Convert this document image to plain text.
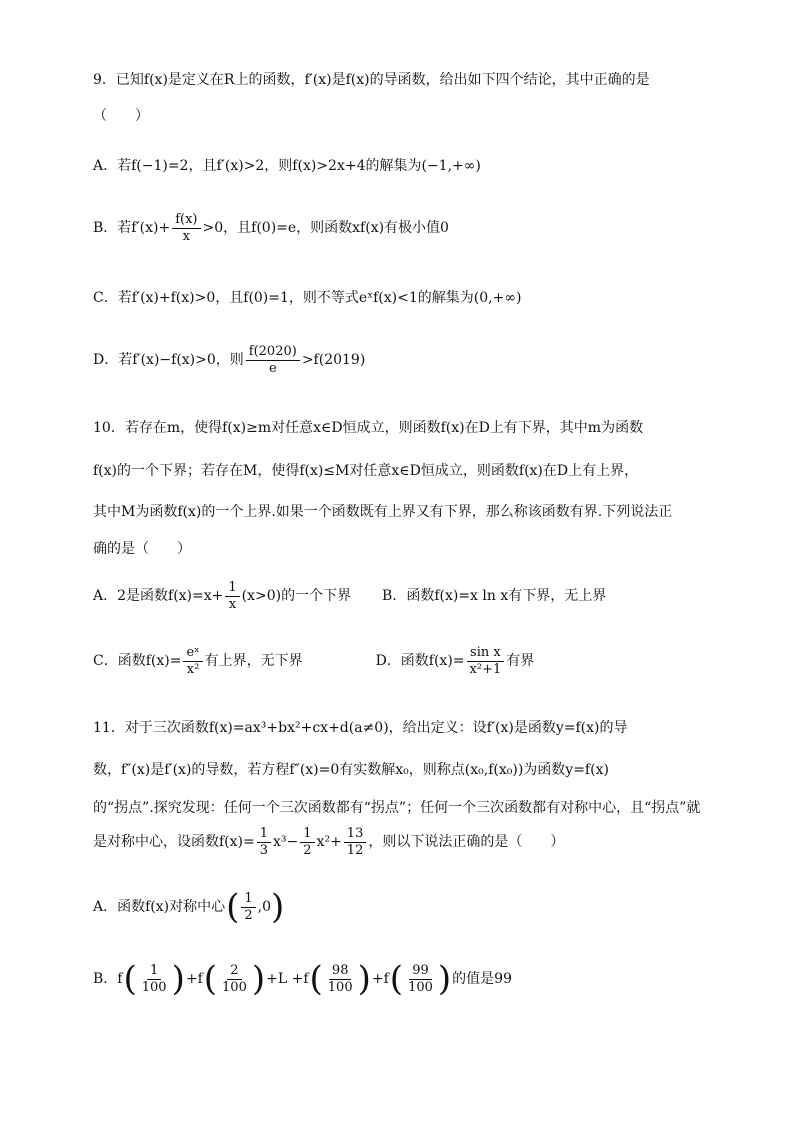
9．已知f(x)是定义在R上的函数，f′(x)是f(x)的导函数，给出如下四个结论，其中正确的是
（　　）
A．若f(−1)=2，且f′(x)>2，则f(x)>2x+4的解集为(−1,+∞)
B．若$f'(x)+ \frac{f(x)}{x} >0$，且f(0)=e，则函数xf(x)有极小值0
C．若f′(x)+f(x)>0，且f(0)=1，则不等式eˣf(x)<1的解集为(0,+∞)
D．若f′(x)−f(x)>0，则 $\frac{f(2020)}{e} >f(2019)$
10．若存在m，使得f(x)≥m对任意x∈D恒成立，则函数f(x)在D上有下界，其中m为函数
f(x)的一个下界；若存在M，使得f(x)≤M对任意x∈D恒成立，则函数f(x)在D上有上界，
其中M为函数f(x)的一个上界.如果一个函数既有上界又有下界，那么称该函数有界.下列说法正
确的是（　　）
A．2是函数$f(x)=x+ \frac{1}{x} (x>0)$的一个下界 B．函数f(x)=x ln x有下界，无上界
C．函数$f(x)= \frac{\text{eˣ}}{\text{x²}}$ 有上界，无下界	D．函数$f(x)= \frac{\text{sin x}}{\text{x²+1}}$ 有界
11．对于三次函数f(x)=ax³+bx²+cx+d(a≠0)，给出定义：设f′(x)是函数y=f(x)的导
数，f″(x)是f′(x)的导数，若方程f″(x)=0有实数解x₀，则称点(x₀,f(x₀))为函数y=f(x)
的“拐点”.探究发现：任何一个三次函数都有“拐点”；任何一个三次函数都有对称中心，且“拐点”就
是对称中心，设函数$f(x)= \frac{1}{3} x^3- \frac{1}{2} x^2+ \frac{13}{12}$ ，则以下说法正确的是（　　）
A．函数f(x)对称中心 ( $\frac{1}{2} ,0$ )
B．f ( $\frac{1}{100}$ ) +f ( $\frac{2}{100}$ ) +L +f ( $\frac{98}{100}$ ) +f ( $\frac{99}{100}$ ) 的值是99
